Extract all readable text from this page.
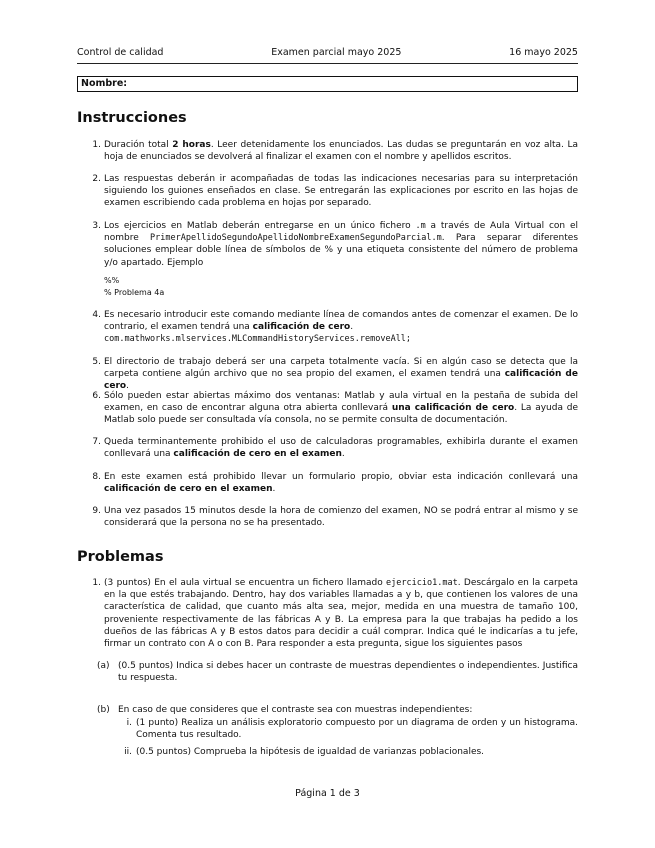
Control de calidad	Examen parcial mayo 2025	16 mayo 2025
Nombre:
Instrucciones
1. Duración total 2 horas. Leer detenidamente los enunciados. Las dudas se preguntarán en voz alta. La hoja de enunciados se devolverá al finalizar el examen con el nombre y apellidos escritos.
2. Las respuestas deberán ir acompañadas de todas las indicaciones necesarias para su interpretación siguiendo los guiones enseñados en clase. Se entregarán las explicaciones por escrito en las hojas de examen escribiendo cada problema en hojas por separado.
3. Los ejercicios en Matlab deberán entregarse en un único fichero .m a través de Aula Virtual con el nombre PrimerApellidoSegundoApellidoNombreExamenSegundoParcial.m. Para separar diferentes soluciones emplear doble línea de símbolos de % y una etiqueta consistente del número de problema y/o apartado. Ejemplo
%%
% Problema 4a
4. Es necesario introducir este comando mediante línea de comandos antes de comenzar el examen. De lo contrario, el examen tendrá una calificación de cero.
com.mathworks.mlservices.MLCommandHistoryServices.removeAll;
5. El directorio de trabajo deberá ser una carpeta totalmente vacía. Si en algún caso se detecta que la carpeta contiene algún archivo que no sea propio del examen, el examen tendrá una calificación de cero.
6. Sólo pueden estar abiertas máximo dos ventanas: Matlab y aula virtual en la pestaña de subida del examen, en caso de encontrar alguna otra abierta conllevará una calificación de cero. La ayuda de Matlab solo puede ser consultada vía consola, no se permite consulta de documentación.
7. Queda terminantemente prohibido el uso de calculadoras programables, exhibirla durante el examen conllevará una calificación de cero en el examen.
8. En este examen está prohibido llevar un formulario propio, obviar esta indicación conllevará una calificación de cero en el examen.
9. Una vez pasados 15 minutos desde la hora de comienzo del examen, NO se podrá entrar al mismo y se considerará que la persona no se ha presentado.
Problemas
1. (3 puntos) En el aula virtual se encuentra un fichero llamado ejercicio1.mat. Descárgalo en la carpeta en la que estés trabajando. Dentro, hay dos variables llamadas a y b, que contienen los valores de una característica de calidad, que cuanto más alta sea, mejor, medida en una muestra de tamaño 100, proveniente respectivamente de las fábricas A y B. La empresa para la que trabajas ha pedido a los dueños de las fábricas A y B estos datos para decidir a cuál comprar. Indica qué le indicarías a tu jefe, firmar un contrato con A o con B. Para responder a esta pregunta, sigue los siguientes pasos
(a) (0.5 puntos) Indica si debes hacer un contraste de muestras dependientes o independientes. Justifica tu respuesta.
(b) En caso de que consideres que el contraste sea con muestras independientes:
i. (1 punto) Realiza un análisis exploratorio compuesto por un diagrama de orden y un histograma. Comenta tus resultado.
ii. (0.5 puntos) Comprueba la hipótesis de igualdad de varianzas poblacionales.
Página 1 de 3
